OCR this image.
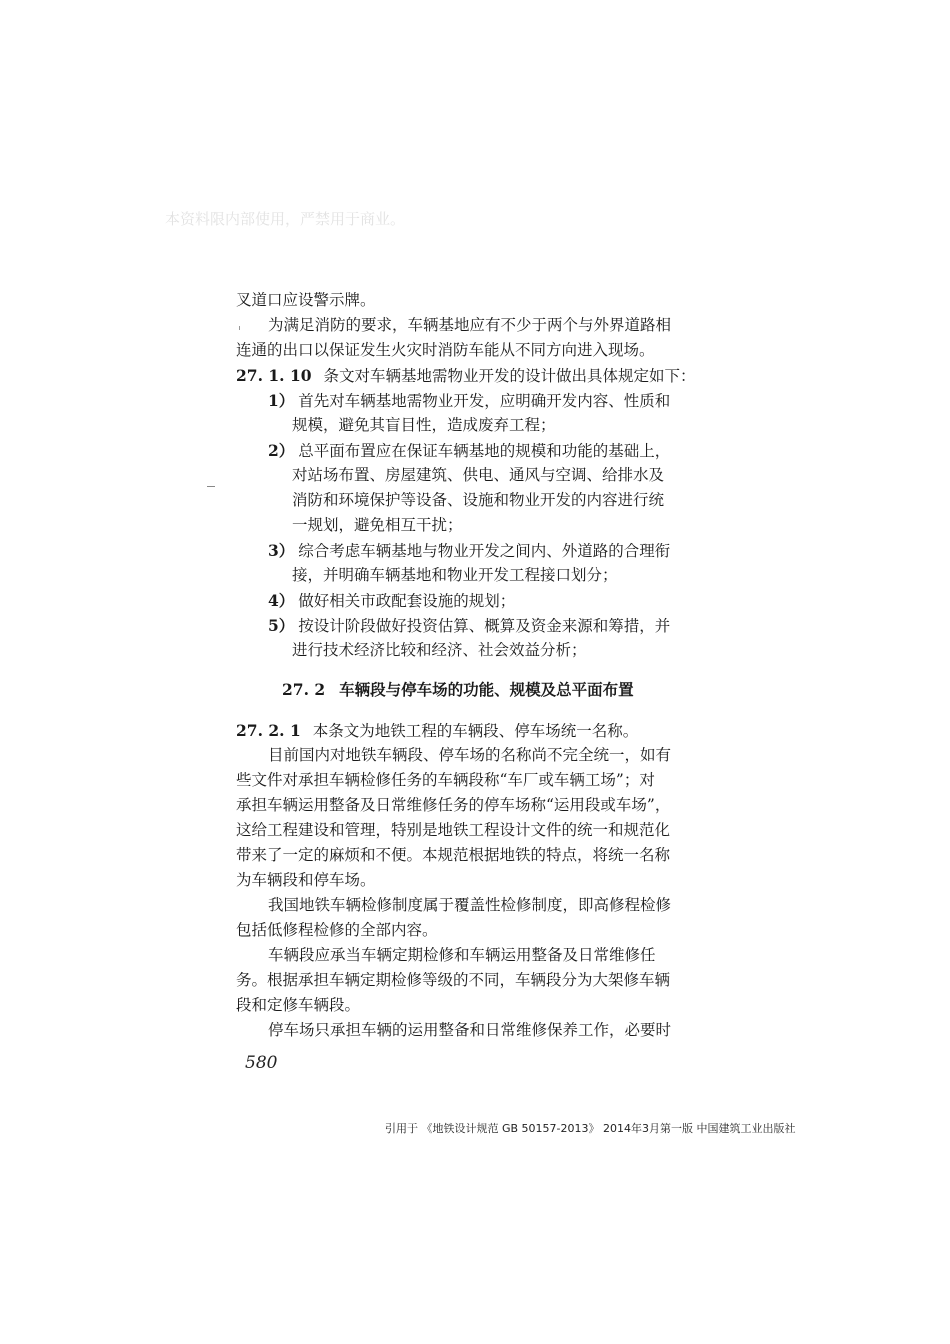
本资料限内部使用，严禁用于商业。
叉道口应设警示牌。
为满足消防的要求，车辆基地应有不少于两个与外界道路相
连通的出口以保证发生火灾时消防车能从不同方向进入现场。
27. 1. 10 条文对车辆基地需物业开发的设计做出具体规定如下：
1） 首先对车辆基地需物业开发，应明确开发内容、性质和
规模，避免其盲目性，造成废弃工程；
2） 总平面布置应在保证车辆基地的规模和功能的基础上，
对站场布置、房屋建筑、供电、通风与空调、给排水及
消防和环境保护等设备、设施和物业开发的内容进行统
一规划，避免相互干扰；
3） 综合考虑车辆基地与物业开发之间内、外道路的合理衔
接，并明确车辆基地和物业开发工程接口划分；
4） 做好相关市政配套设施的规划；
5） 按设计阶段做好投资估算、概算及资金来源和筹措，并
进行技术经济比较和经济、社会效益分析；
27. 2 车辆段与停车场的功能、规模及总平面布置
27. 2. 1 本条文为地铁工程的车辆段、停车场统一名称。
目前国内对地铁车辆段、停车场的名称尚不完全统一，如有
些文件对承担车辆检修任务的车辆段称“车厂或车辆工场”；对
承担车辆运用整备及日常维修任务的停车场称“运用段或车场”，
这给工程建设和管理，特别是地铁工程设计文件的统一和规范化
带来了一定的麻烦和不便。本规范根据地铁的特点，将统一名称
为车辆段和停车场。
我国地铁车辆检修制度属于覆盖性检修制度，即高修程检修
包括低修程检修的全部内容。
车辆段应承当车辆定期检修和车辆运用整备及日常维修任
务。根据承担车辆定期检修等级的不同，车辆段分为大架修车辆
段和定修车辆段。
停车场只承担车辆的运用整备和日常维修保养工作，必要时
580
引用于 《地铁设计规范 GB 50157-2013》 2014年3月第一版 中国建筑工业出版社
